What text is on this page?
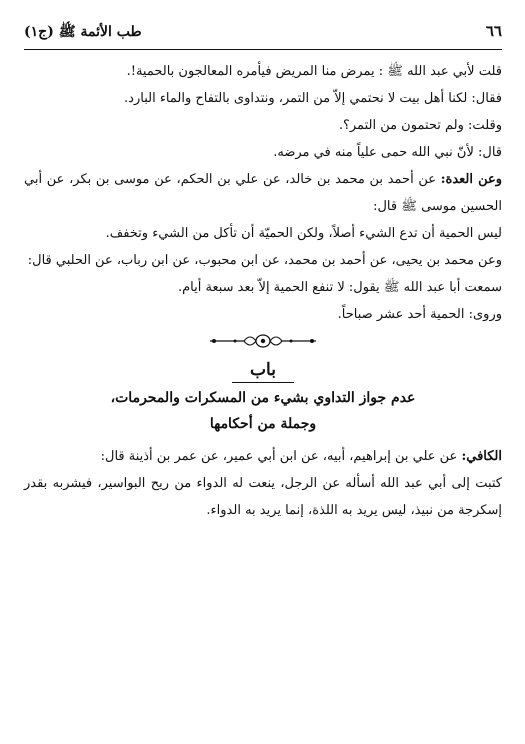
٦٦
طب الأئمة ﷺ (ج١)

قلت لأبي عبد الله ﷺ : يمرض منا المريض فيأمره المعالجون بالحمية!.

فقال: لكنا أهل بيت لا نحتمي إلاّ من التمر، ونتداوى بالتفاح والماء البارد.

وقلت: ولم تحتمون من التمر؟.

قال: لأنّ نبي الله حمى علياً منه في مرضه.

وعن العدة: عن أحمد بن محمد بن خالد، عن علي بن الحكم، عن موسى بن بكر، عن أبي الحسين موسى ﷺ قال:

ليس الحمية أن تدع الشيء أصلاً، ولكن الحميّة أن تأكل من الشيء وتخفف.

وعن محمد بن يحيى، عن أحمد بن محمد، عن ابن محبوب، عن ابن رباب، عن الحلبي قال:

سمعت أبا عبد الله ﷺ يقول: لا تنفع الحمية إلاّ بعد سبعة أيام.

وروى: الحمية أحد عشر صباحاً.

باب
عدم جواز التداوي بشيء من المسكرات والمحرمات،
وجملة من أحكامها

الكافي: عن علي بن إبراهيم، أبيه، عن ابن أبي عمير، عن عمر بن أذينة قال:

كتبت إلى أبي عبد الله أسأله عن الرجل، ينعت له الدواء من ريح البواسير، فيشربه بقدر إسكرجة من نبيذ، ليس يريد به اللذة، إنما يريد به الدواء.
